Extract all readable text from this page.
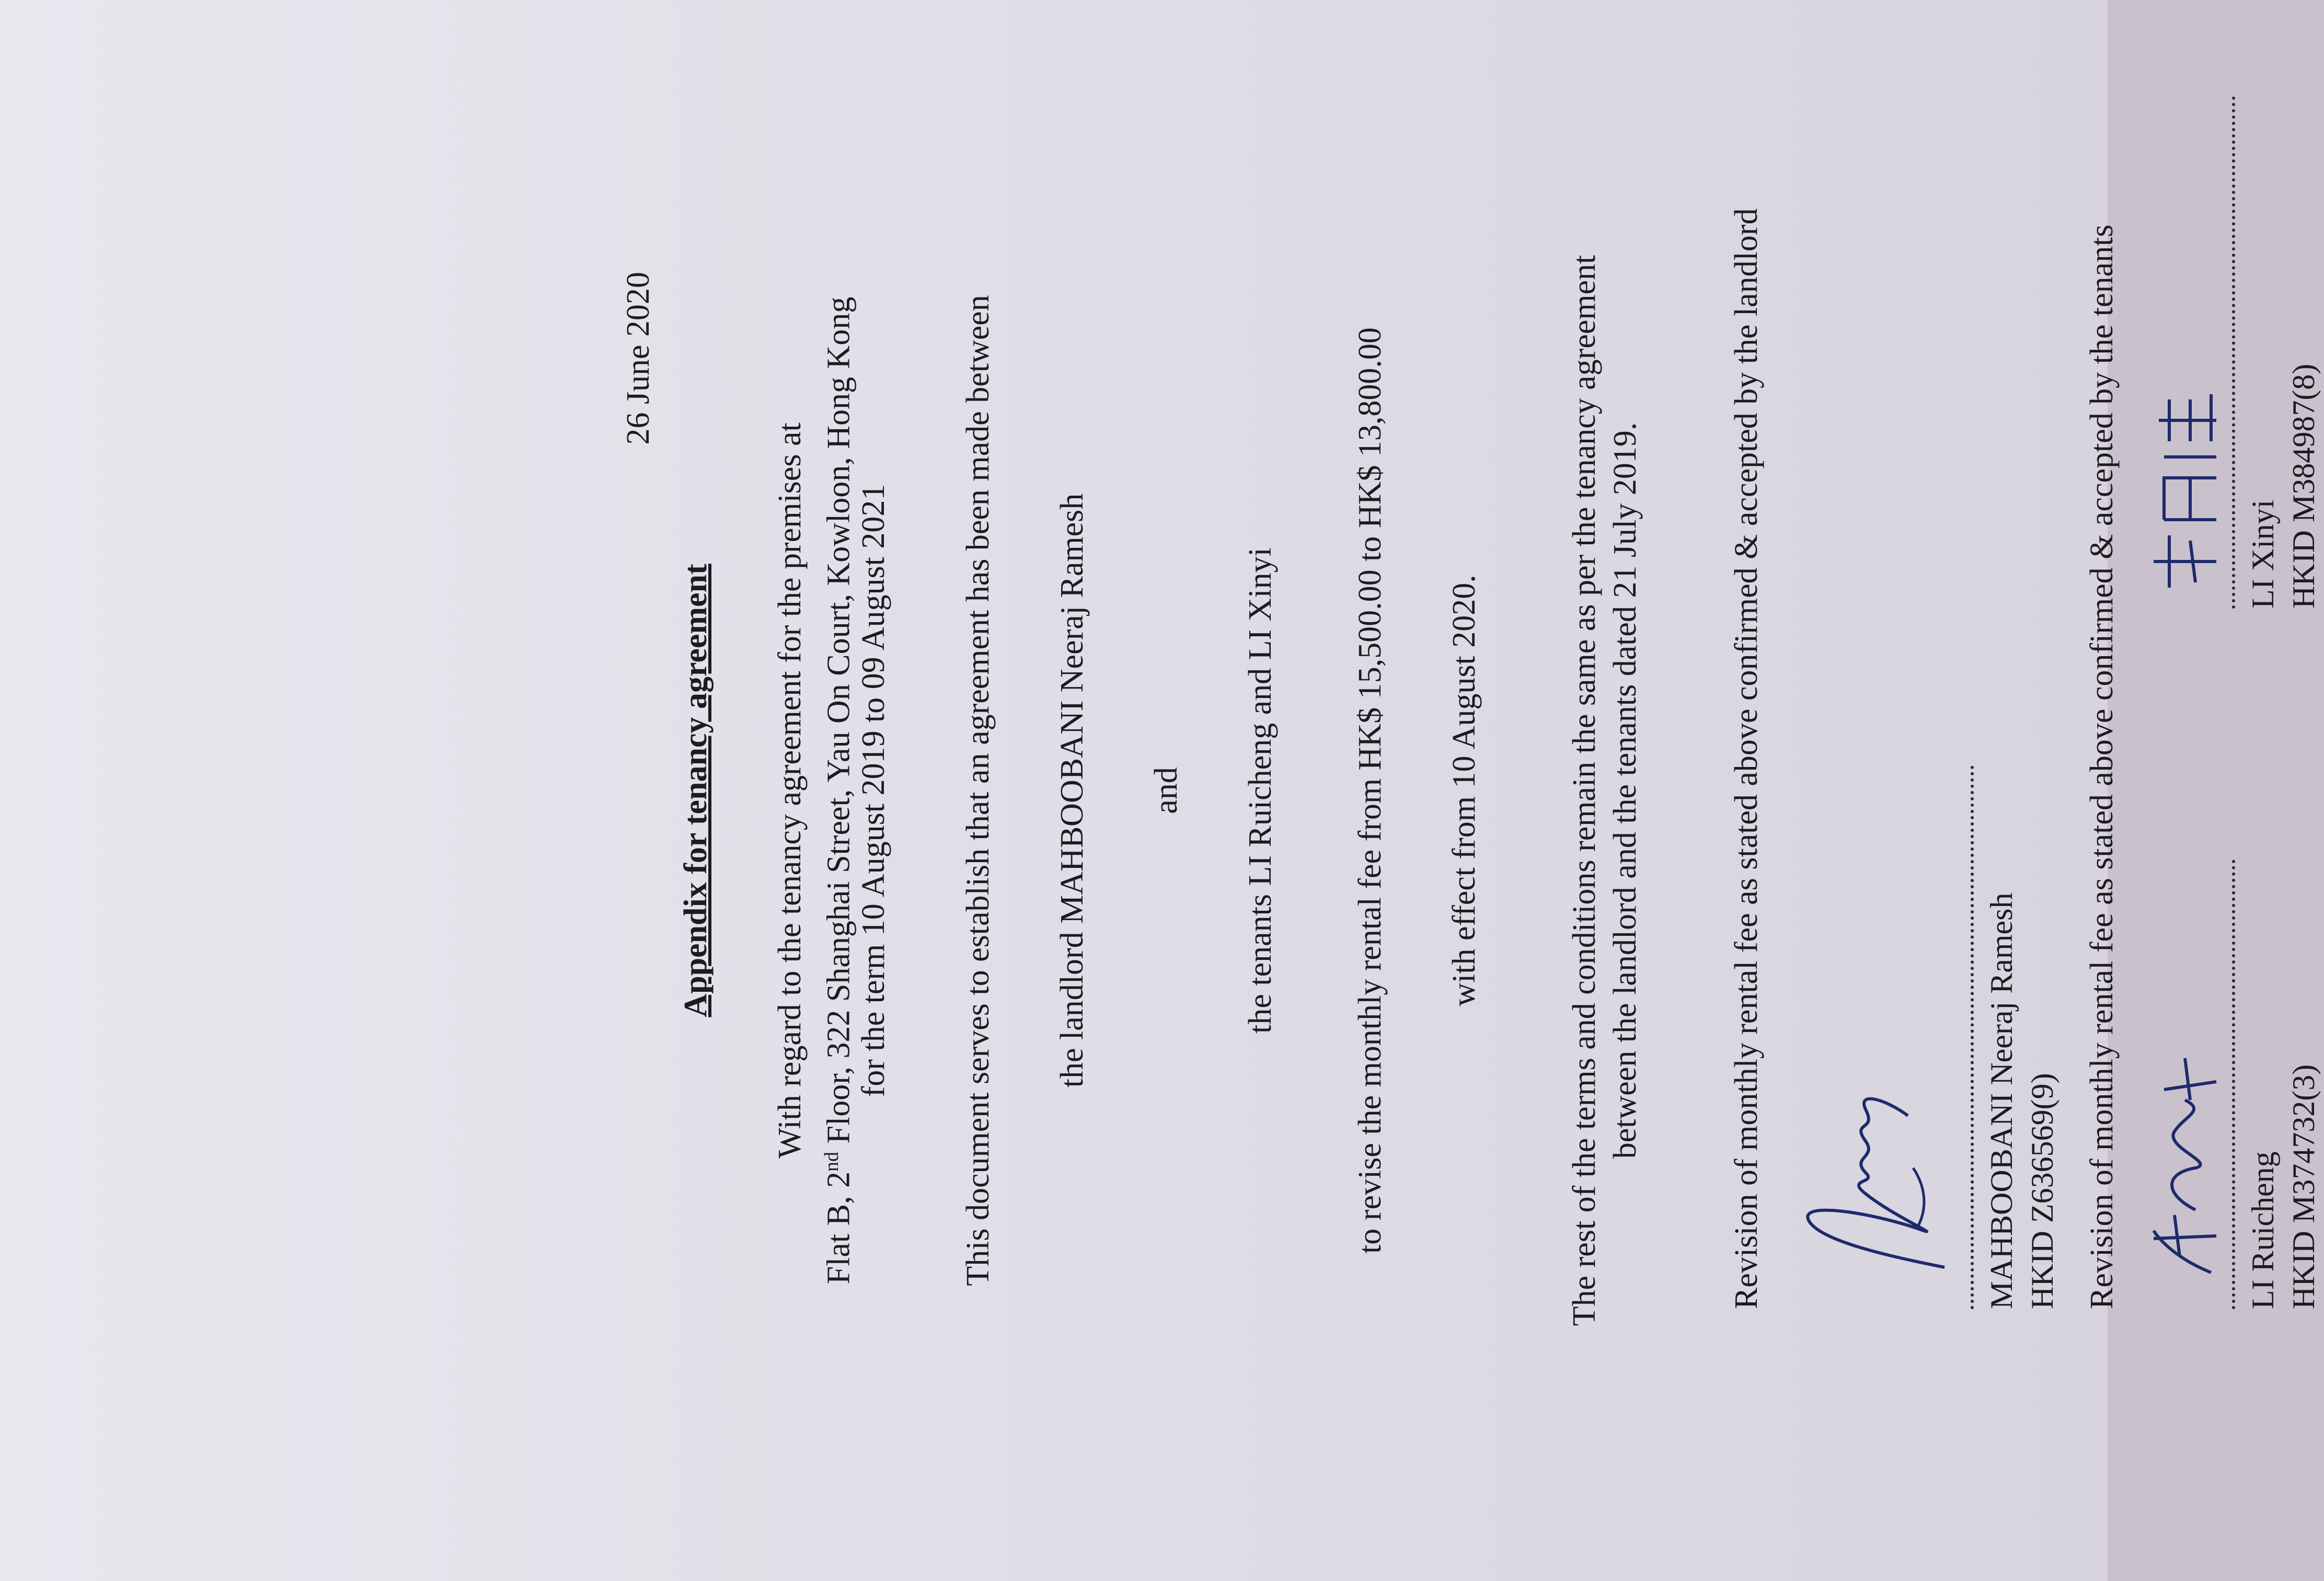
26 June 2020
Appendix for tenancy agreement With regard to the tenancy agreement for the premises at
Flat B, 2nd Floor, 322 Shanghai Street, Yau On Court, Kowloon, Hong Kong
for the term 10 August 2019 to 09 August 2021 This document serves to establish that an agreement has been made between the landlord MAHBOOBANI Neeraj Ramesh and the tenants LI Ruicheng and LI Xinyi to revise the monthly rental fee from HK$ 15,500.00 to HK$ 13,800.00 with effect from 10 August 2020.	The rest of the terms and conditions remain the same as per the tenancy agreement between the landlord and the tenants dated 21 July 2019.	Revision of monthly rental fee as stated above confirmed & accepted by the landlord	MAHBOOBANI Neeraj Ramesh HKID Z636569(9) Revision of monthly rental fee as stated above confirmed & accepted by the tenants	LI Ruicheng HKID M374732(3)
LI Xinyi HKID M384987(8)
